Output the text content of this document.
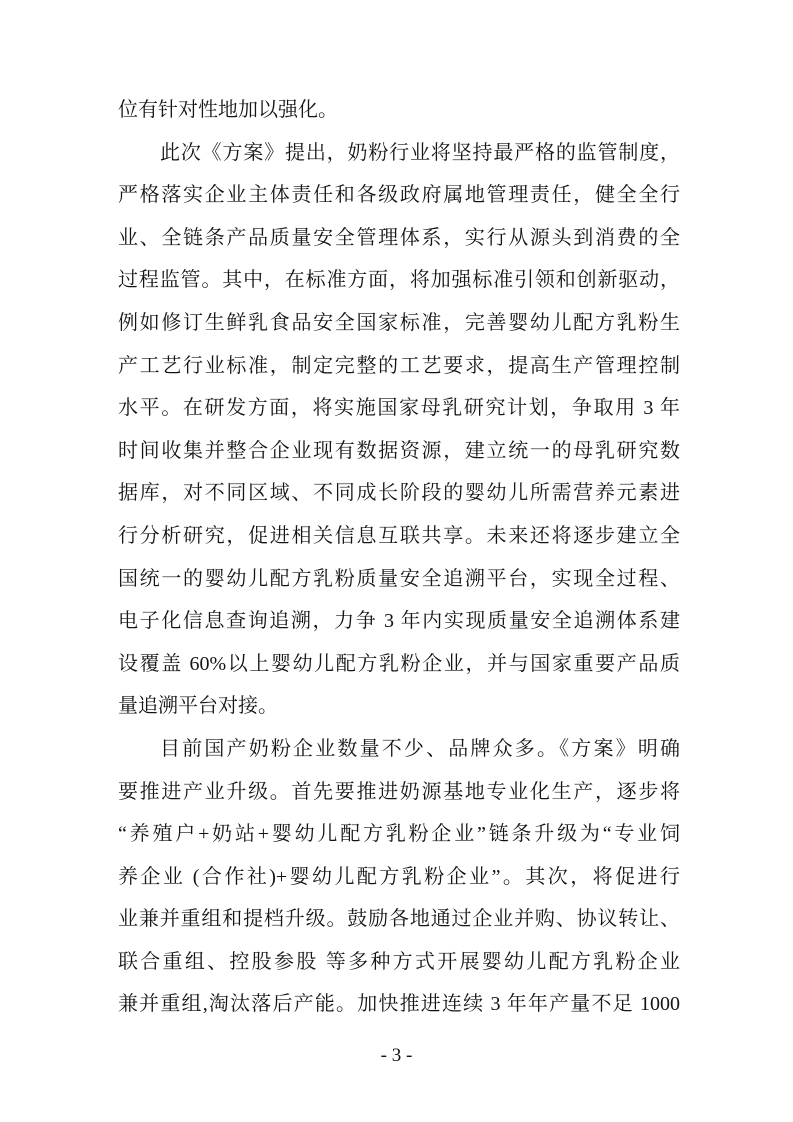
位有针对性地加以强化。
此次《方案》提出，奶粉行业将坚持最严格的监管制度，
严格落实企业主体责任和各级政府属地管理责任，健全全行
业、全链条产品质量安全管理体系，实行从源头到消费的全
过程监管。其中，在标准方面，将加强标准引领和创新驱动，
例如修订生鲜乳食品安全国家标准，完善婴幼儿配方乳粉生
产工艺行业标准，制定完整的工艺要求，提高生产管理控制
水平。在研发方面，将实施国家母乳研究计划，争取用 3 年
时间收集并整合企业现有数据资源，建立统一的母乳研究数
据库，对不同区域、不同成长阶段的婴幼儿所需营养元素进
行分析研究，促进相关信息互联共享。未来还将逐步建立全
国统一的婴幼儿配方乳粉质量安全追溯平台，实现全过程、
电子化信息查询追溯，力争 3 年内实现质量安全追溯体系建
设覆盖 60%以上婴幼儿配方乳粉企业，并与国家重要产品质
量追溯平台对接。
目前国产奶粉企业数量不少、品牌众多。《方案》明确
要推进产业升级。首先要推进奶源基地专业化生产，逐步将
“养殖户+奶站+婴幼儿配方乳粉企业”链条升级为“专业饲
养企业 (合作社)+婴幼儿配方乳粉企业”。其次，将促进行
业兼并重组和提档升级。鼓励各地通过企业并购、协议转让、
联合重组、控股参股 等多种方式开展婴幼儿配方乳粉企业
兼并重组,淘汰落后产能。加快推进连续 3 年年产量不足 1000
- 3 -
